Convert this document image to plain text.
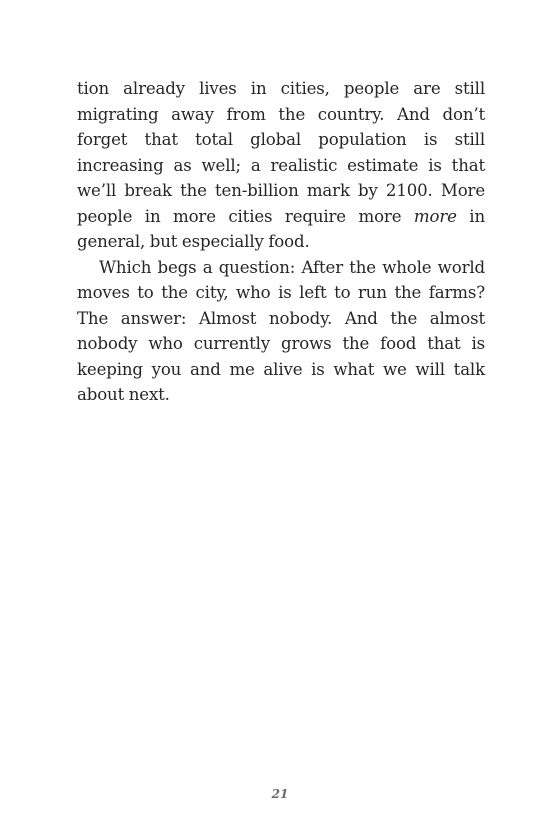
tion already lives in cities, people are still migrating away from the country. And don’t forget that total global population is still increasing as well; a realistic estimate is that we’ll break the ten-billion mark by 2100. More people in more cities require more more in general, but especially food.

Which begs a question: After the whole world moves to the city, who is left to run the farms? The answer: Almost nobody. And the almost nobody who currently grows the food that is keeping you and me alive is what we will talk about next.

21
